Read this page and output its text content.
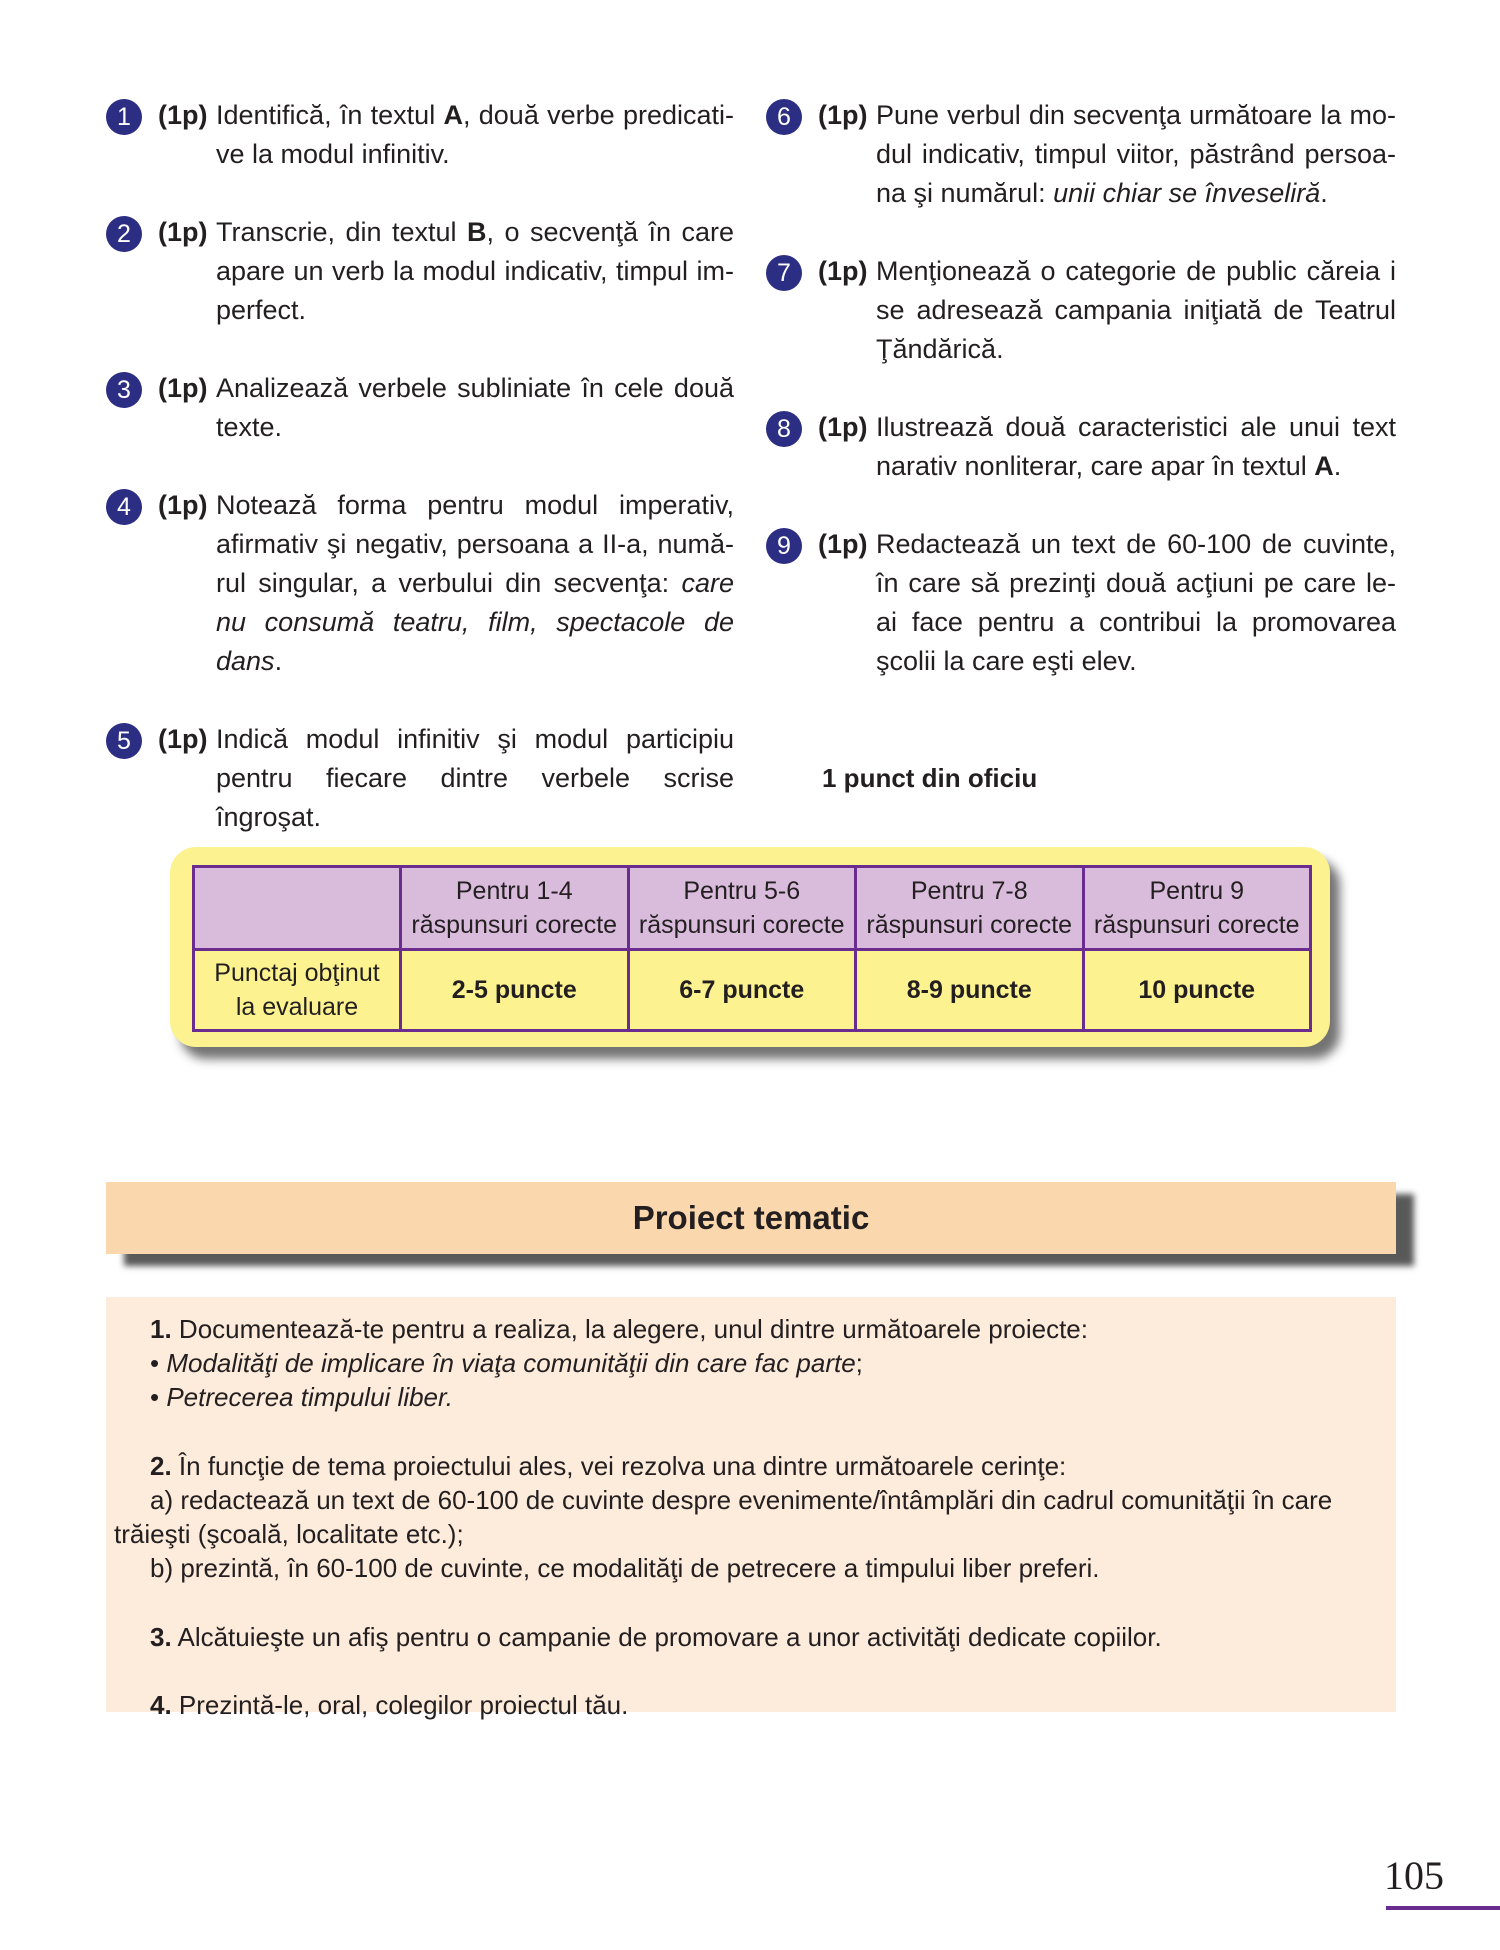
1	(1p) Identifică, în textul A, două verbe predicati-ve la modul infinitiv.
2	(1p) Transcrie, din textul B, o secvenţă în care apare un verb la modul indicativ, timpul im-perfect.
3	(1p) Analizează verbele subliniate în cele două texte.
4	(1p) Notează forma pentru modul imperativ, afirmativ şi negativ, persoana a II-a, numă-rul singular, a verbului din secvenţa: care nu consumă teatru, film, spectacole de dans.
5	(1p) Indică modul infinitiv şi modul participiu pentru fiecare dintre verbele scrise îngroşat.
6	(1p) Pune verbul din secvenţa următoare la mo-dul indicativ, timpul viitor, păstrând persoa-na şi numărul: unii chiar se înveseliră.
7	(1p) Menţionează o categorie de public căreia i se adresează campania iniţiată de Teatrul Ţăndărică.
8	(1p) Ilustrează două caracteristici ale unui text narativ nonliterar, care apar în textul A.
9	(1p) Redactează un text de 60-100 de cuvinte, în care să prezinţi două acţiuni pe care le-ai face pentru a contribui la promovarea şcolii la care eşti elev.
1 punct din oficiu
	Pentru 1-4
răspunsuri corecte	Pentru 5-6
răspunsuri corecte	Pentru 7-8
răspunsuri corecte	Pentru 9
răspunsuri corecte
Punctaj obţinut
la evaluare	2-5 puncte	6-7 puncte	8-9 puncte	10 puncte
Proiect tematic
1. Documentează-te pentru a realiza, la alegere, unul dintre următoarele proiecte:
• Modalităţi de implicare în viaţa comunităţii din care fac parte;
• Petrecerea timpului liber.
2. În funcţie de tema proiectului ales, vei rezolva una dintre următoarele cerinţe:
a) redactează un text de 60-100 de cuvinte despre evenimente/întâmplări din cadrul comunităţii în care
trăieşti (şcoală, localitate etc.);
b) prezintă, în 60-100 de cuvinte, ce modalităţi de petrecere a timpului liber preferi.
3. Alcătuieşte un afiş pentru o campanie de promovare a unor activităţi dedicate copiilor.
4. Prezintă-le, oral, colegilor proiectul tău.
105
